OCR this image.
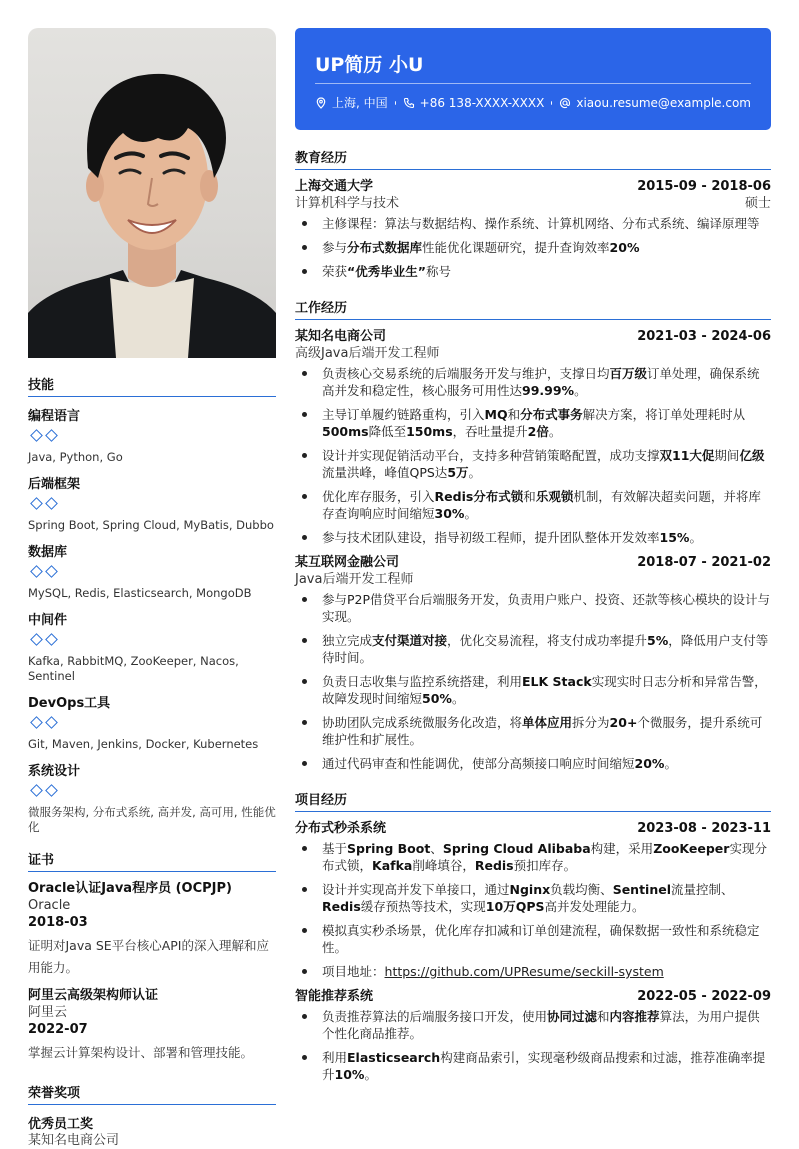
技能
编程语言
Java, Python, Go
后端框架
Spring Boot, Spring Cloud, MyBatis, Dubbo
数据库
MySQL, Redis, Elasticsearch, MongoDB
中间件
Kafka, RabbitMQ, ZooKeeper, Nacos, Sentinel
DevOps工具
Git, Maven, Jenkins, Docker, Kubernetes
系统设计
微服务架构, 分布式系统, 高并发, 高可用, 性能优化
证书
Oracle认证Java程序员 (OCPJP)
Oracle
2018-03
证明对Java SE平台核心API的深入理解和应用能力。
阿里云高级架构师认证
阿里云
2022-07
掌握云计算架构设计、部署和管理技能。
荣誉奖项
优秀员工奖
某知名电商公司
UP简历 小U
上海, 中国	+86 138-XXXX-XXXX	xiaou.resume@example.com
教育经历
上海交通大学	2015-09 - 2018-06
计算机科学与技术	硕士
主修课程：算法与数据结构、操作系统、计算机网络、分布式系统、编译原理等
参与分布式数据库性能优化课题研究，提升查询效率20%
荣获“优秀毕业生”称号
工作经历
某知名电商公司	2021-03 - 2024-06
高级Java后端开发工程师
负责核心交易系统的后端服务开发与维护，支撑日均百万级订单处理，确保系统高并发和稳定性，核心服务可用性达99.99%。
主导订单履约链路重构，引入MQ和分布式事务解决方案，将订单处理耗时从500ms降低至150ms，吞吐量提升2倍。
设计并实现促销活动平台，支持多种营销策略配置，成功支撑双11大促期间亿级流量洪峰，峰值QPS达5万。
优化库存服务，引入Redis分布式锁和乐观锁机制，有效解决超卖问题，并将库存查询响应时间缩短30%。
参与技术团队建设，指导初级工程师，提升团队整体开发效率15%。
某互联网金融公司	2018-07 - 2021-02
Java后端开发工程师
参与P2P借贷平台后端服务开发，负责用户账户、投资、还款等核心模块的设计与实现。
独立完成支付渠道对接，优化交易流程，将支付成功率提升5%，降低用户支付等待时间。
负责日志收集与监控系统搭建，利用ELK Stack实现实时日志分析和异常告警，故障发现时间缩短50%。
协助团队完成系统微服务化改造，将单体应用拆分为20+个微服务，提升系统可维护性和扩展性。
通过代码审查和性能调优，使部分高频接口响应时间缩短20%。
项目经历
分布式秒杀系统	2023-08 - 2023-11
基于Spring Boot、Spring Cloud Alibaba构建，采用ZooKeeper实现分布式锁，Kafka削峰填谷，Redis预扣库存。
设计并实现高并发下单接口，通过Nginx负载均衡、Sentinel流量控制、Redis缓存预热等技术，实现10万QPS高并发处理能力。
模拟真实秒杀场景，优化库存扣减和订单创建流程，确保数据一致性和系统稳定性。
项目地址：https://github.com/UPResume/seckill-system
智能推荐系统	2022-05 - 2022-09
负责推荐算法的后端服务接口开发，使用协同过滤和内容推荐算法，为用户提供个性化商品推荐。
利用Elasticsearch构建商品索引，实现毫秒级商品搜索和过滤，推荐准确率提升10%。
